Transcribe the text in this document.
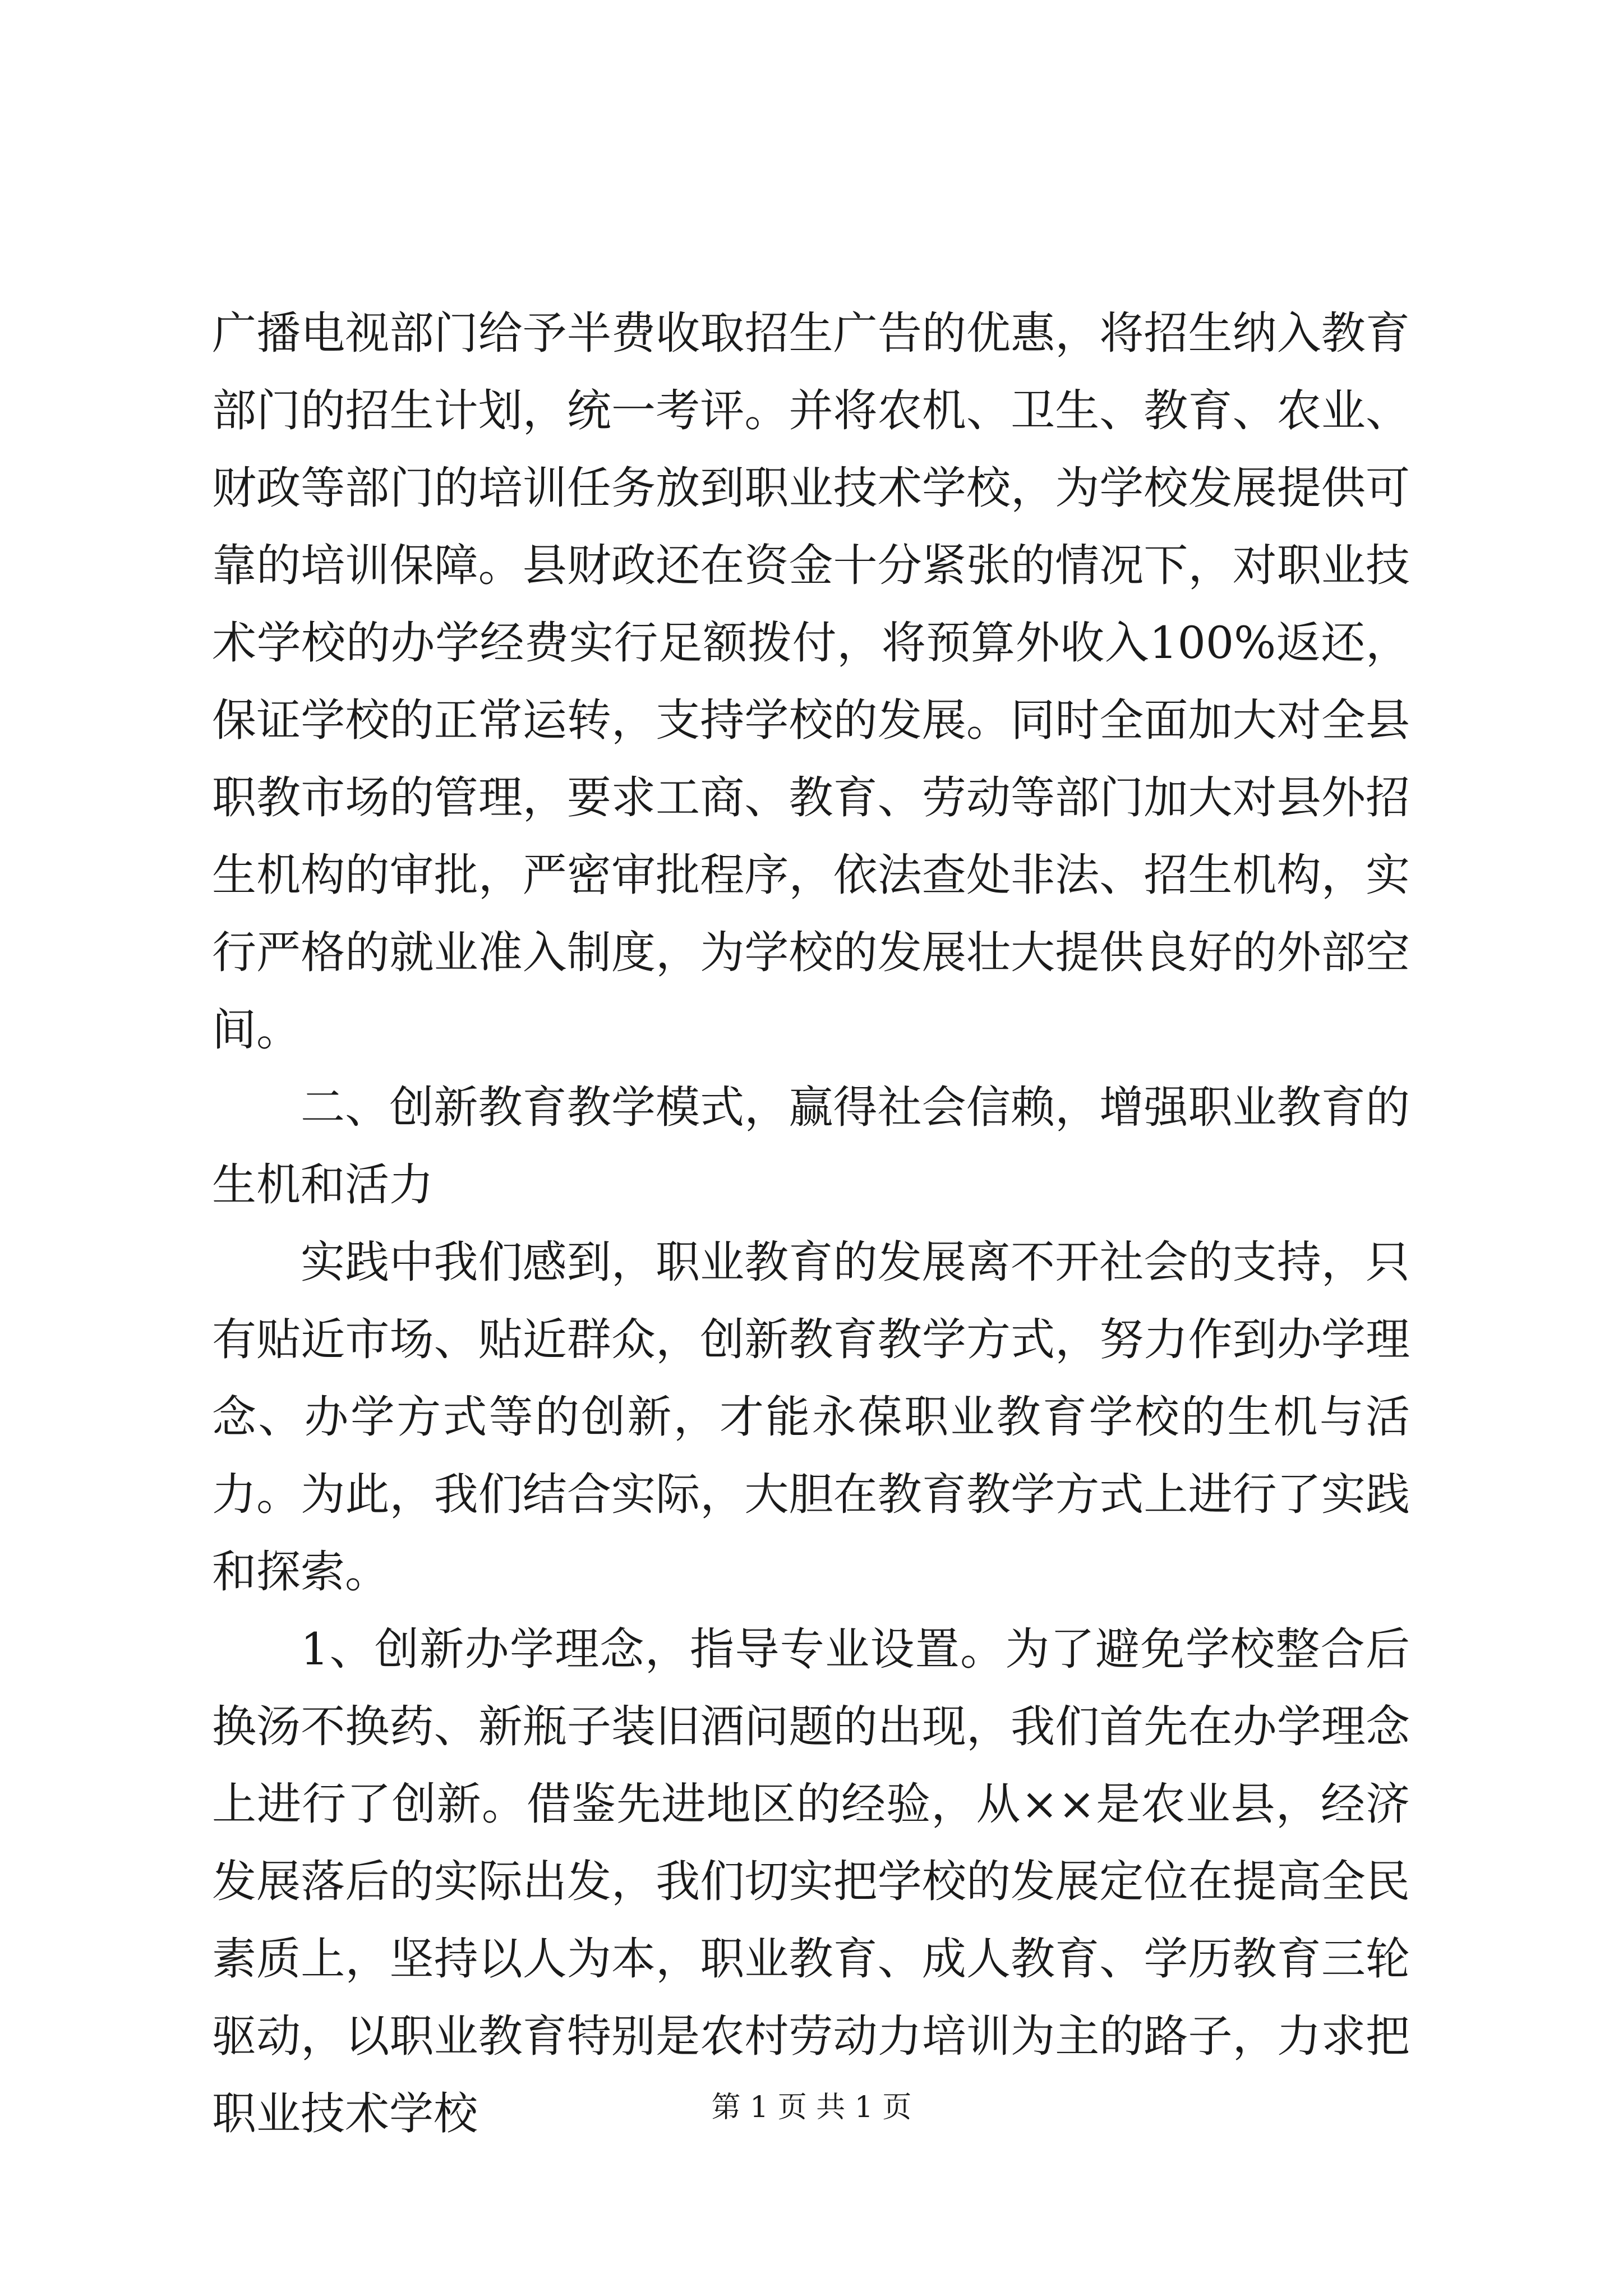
广播电视部门给予半费收取招生广告的优惠，将招生纳入教育部门的招生计划，统一考评。并将农机、卫生、教育、农业、财政等部门的培训任务放到职业技术学校，为学校发展提供可靠的培训保障。县财政还在资金十分紧张的情况下，对职业技术学校的办学经费实行足额拨付，将预算外收入100%返还，保证学校的正常运转，支持学校的发展。同时全面加大对全县职教市场的管理，要求工商、教育、劳动等部门加大对县外招生机构的审批，严密审批程序，依法查处非法、招生机构，实行严格的就业准入制度，为学校的发展壮大提供良好的外部空间。

二、创新教育教学模式，赢得社会信赖，增强职业教育的生机和活力

实践中我们感到，职业教育的发展离不开社会的支持，只有贴近市场、贴近群众，创新教育教学方式，努力作到办学理念、办学方式等的创新，才能永葆职业教育学校的生机与活力。为此，我们结合实际，大胆在教育教学方式上进行了实践和探索。

1、创新办学理念，指导专业设置。为了避免学校整合后换汤不换药、新瓶子装旧酒问题的出现，我们首先在办学理念上进行了创新。借鉴先进地区的经验，从××是农业县，经济发展落后的实际出发，我们切实把学校的发展定位在提高全民素质上，坚持以人为本，职业教育、成人教育、学历教育三轮驱动，以职业教育特别是农村劳动力培训为主的路子，力求把职业技术学校	第 1 页 共 1 页
